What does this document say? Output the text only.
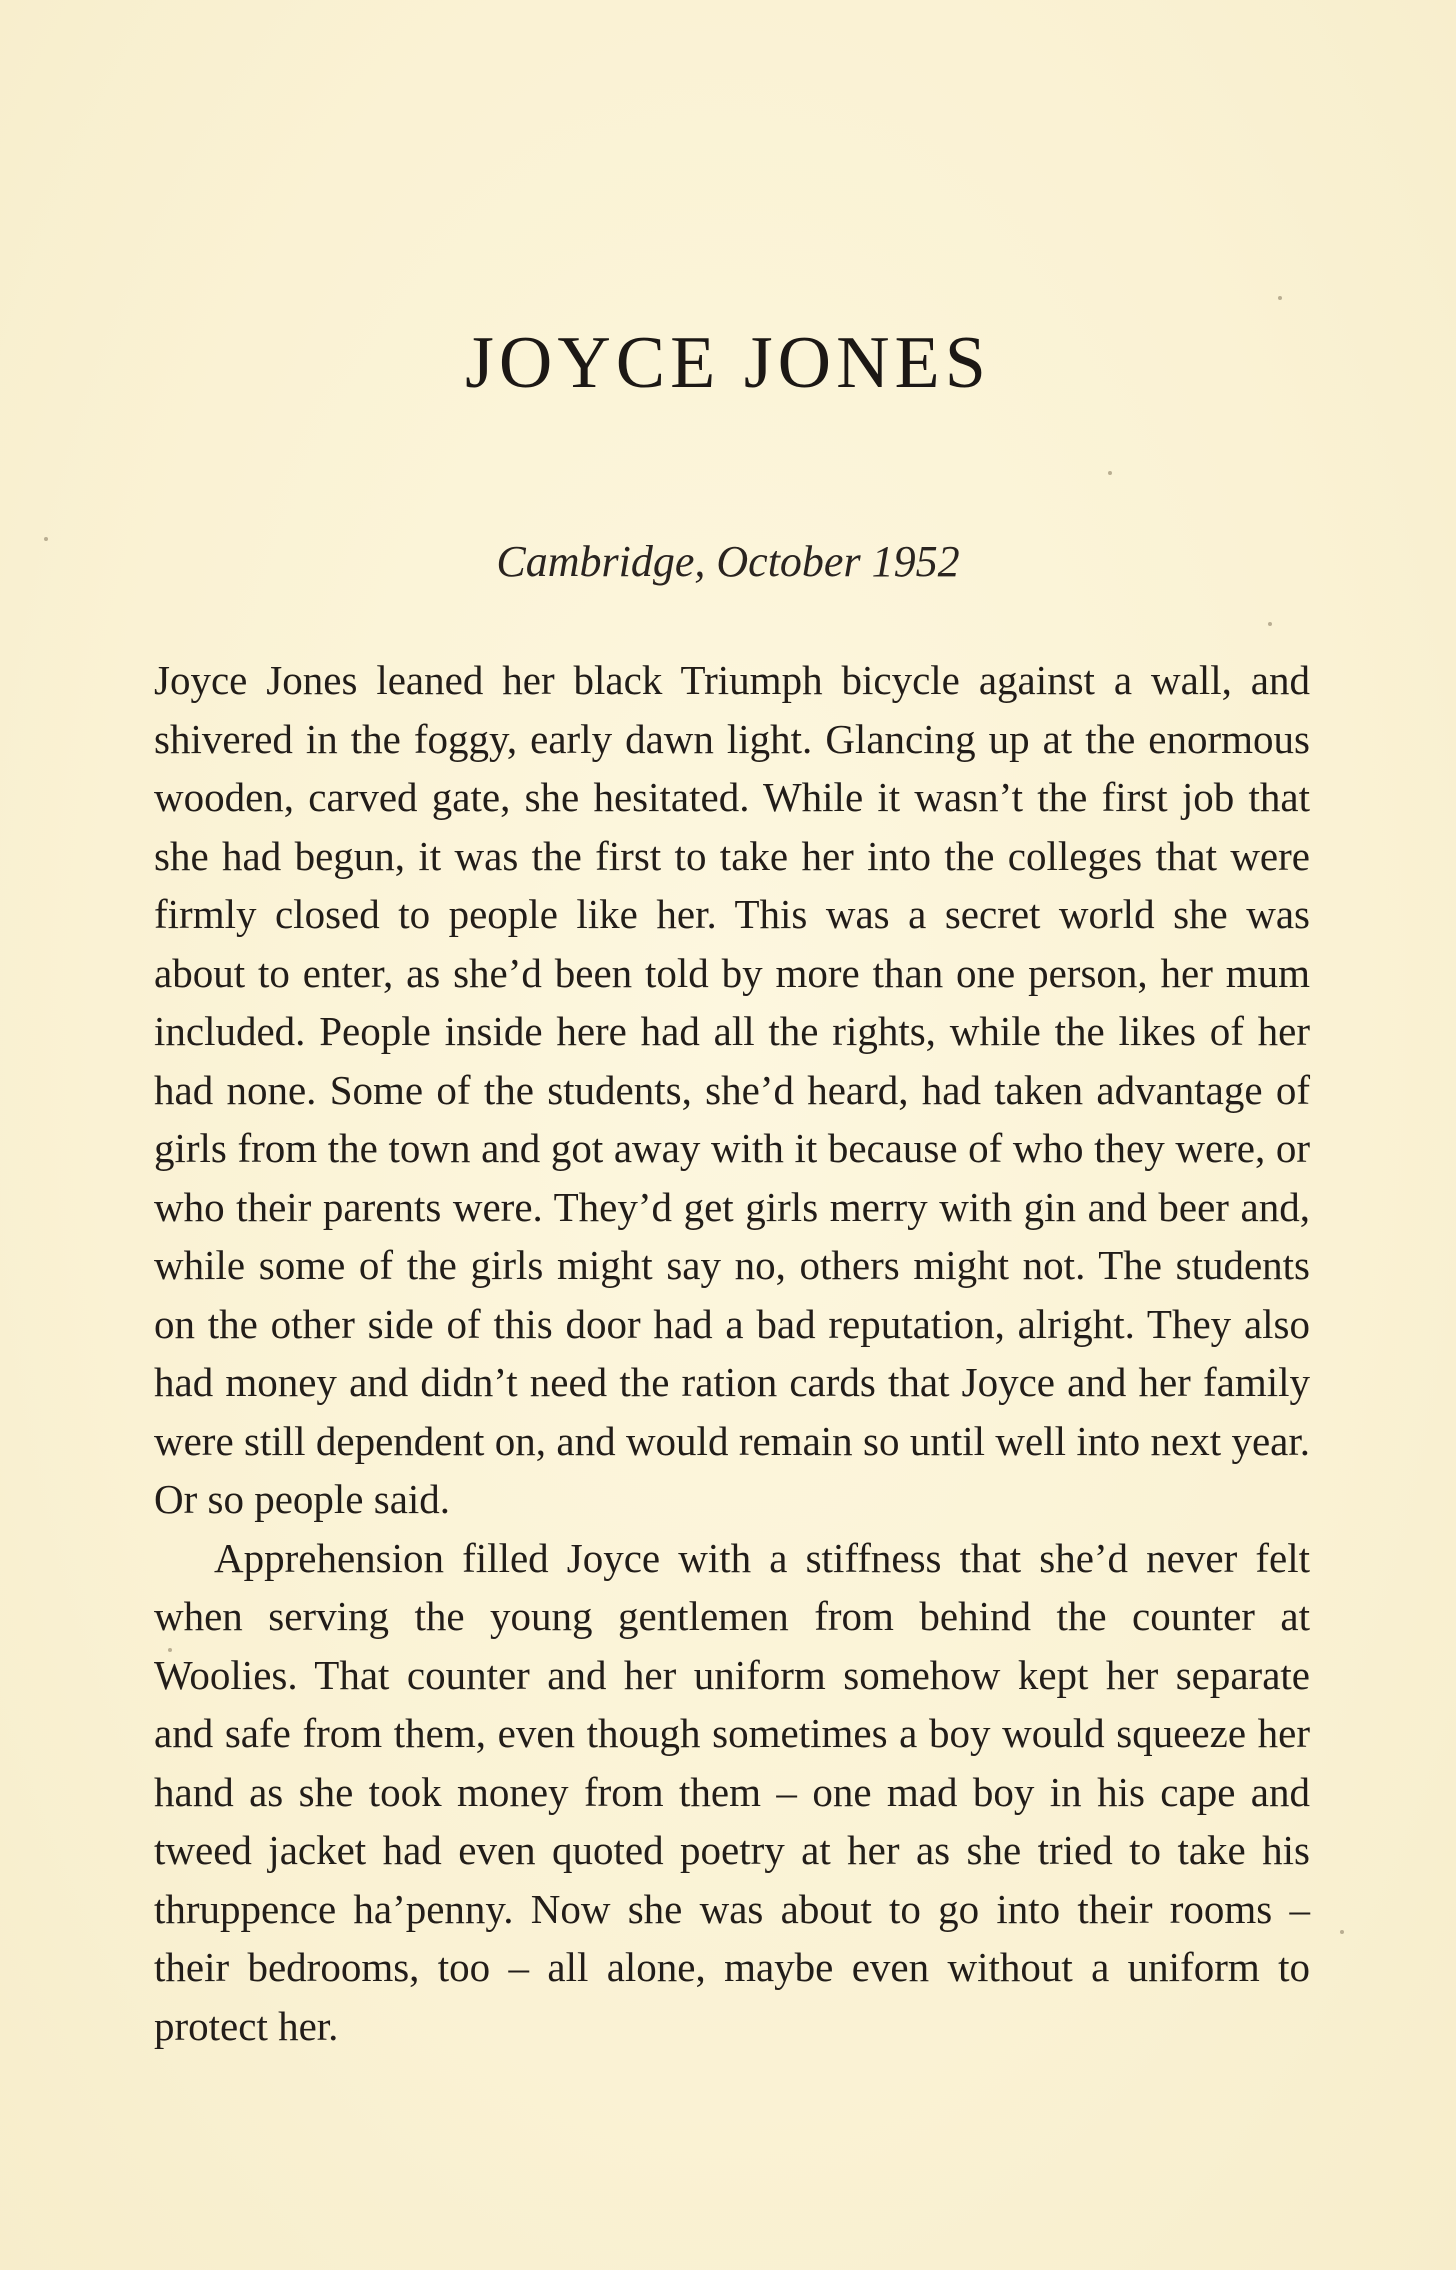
JOYCE JONES
Cambridge, October 1952

Joyce Jones leaned her black Triumph bicycle against a wall, and shivered in the foggy, early dawn light. Glancing up at the enormous wooden, carved gate, she hesitated. While it wasn’t the first job that she had begun, it was the first to take her into the colleges that were firmly closed to people like her. This was a secret world she was about to enter, as she’d been told by more than one person, her mum included. People inside here had all the rights, while the likes of her had none. Some of the students, she’d heard, had taken advantage of girls from the town and got away with it because of who they were, or who their parents were. They’d get girls merry with gin and beer and, while some of the girls might say no, others might not. The students on the other side of this door had a bad reputation, alright. They also had money and didn’t need the ration cards that Joyce and her family were still dependent on, and would remain so until well into next year. Or so people said.

Apprehension filled Joyce with a stiffness that she’d never felt when serving the young gentlemen from behind the counter at Woolies. That counter and her uniform somehow kept her separate and safe from them, even though sometimes a boy would squeeze her hand as she took money from them – one mad boy in his cape and tweed jacket had even quoted poetry at her as she tried to take his thruppence ha’penny. Now she was about to go into their rooms – their bedrooms, too – all alone, maybe even without a uniform to protect her.
